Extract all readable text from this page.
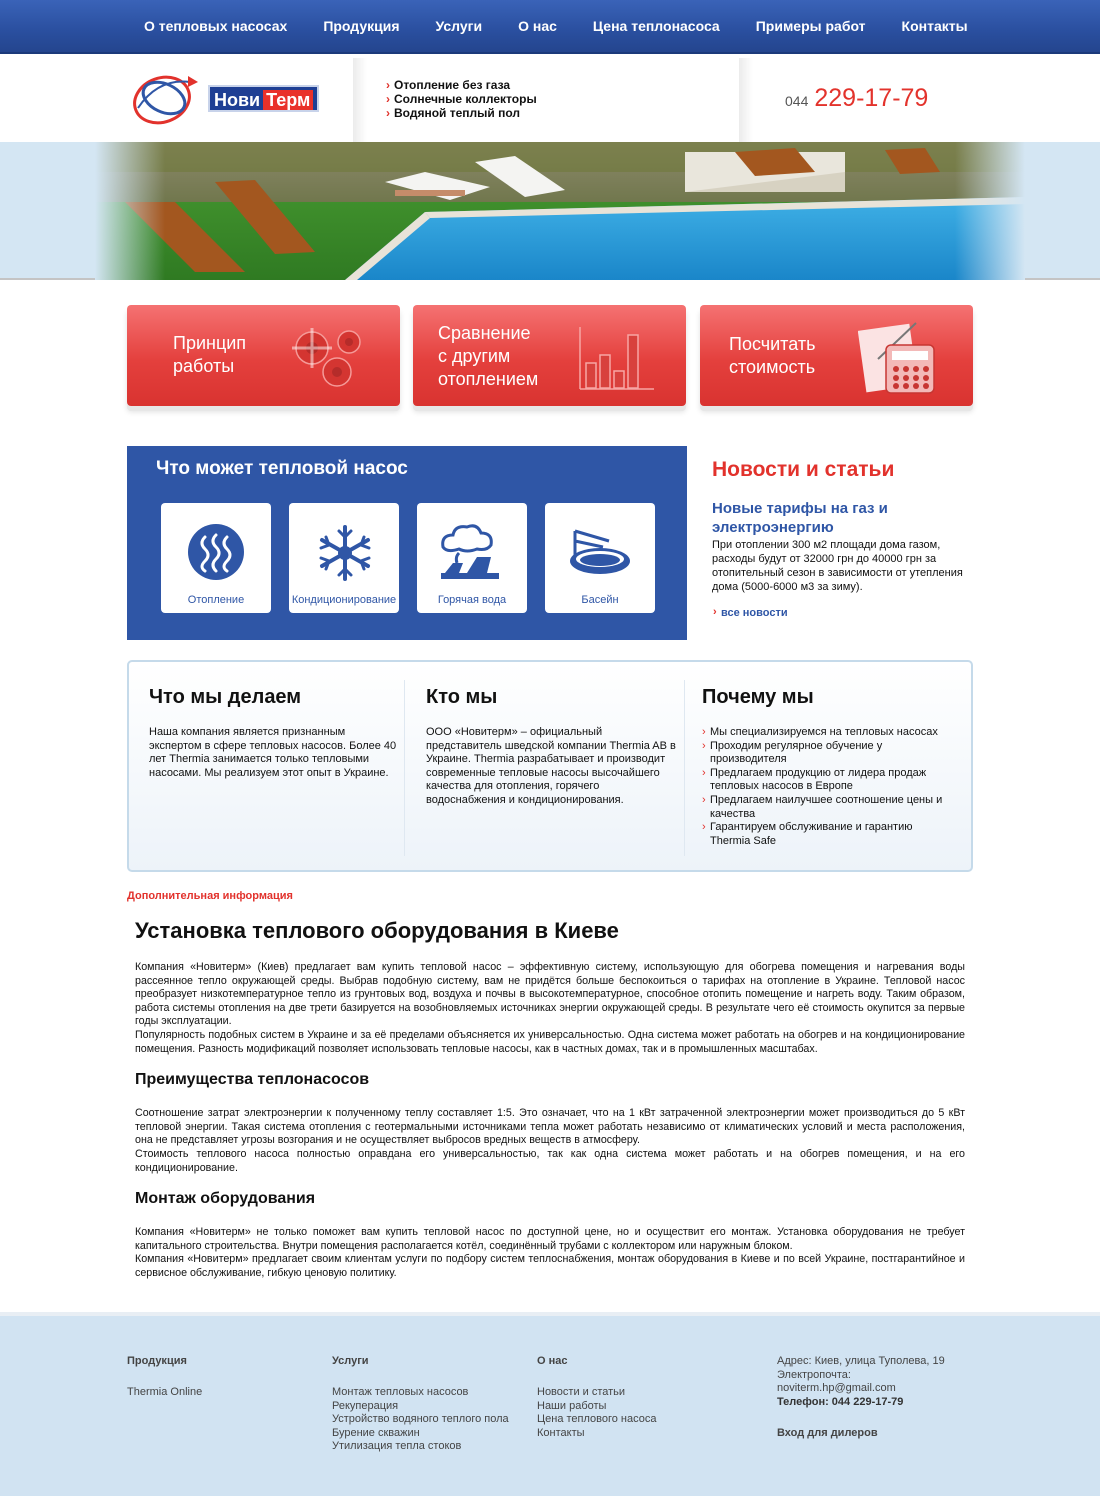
О тепловых насосах	Продукция	Услуги	О нас	Цена теплонасоса	Примеры работ	Контакты
Нови Терм
› Отопление без газа
› Солнечные коллекторы
› Водяной теплый пол
044 229-17-79
Принцип
работы
Сравнение
с другим
отоплением
Посчитать
стоимость
Что может тепловой насос
Отопление	Кондиционирование	Горячая вода	Басейн
Новости и статьи
Новые тарифы на газ и электроэнергию

При отоплении 300 м2 площади дома газом, расходы будут от 32000 грн до 40000 грн за отопительный сезон в зависимости от утепления дома (5000-6000 м3 за зиму).

› все новости
Что мы делаем

Наша компания является признанным экспертом в сфере тепловых насосов. Более 40 лет Thermia занимается только тепловыми насосами. Мы реализуем этот опыт в Украине.

Кто мы

ООО «Новитерм» – официальный представитель шведской компании Thermia AB в Украине. Thermia разрабатывает и производит современные тепловые насосы высочайшего качества для отопления, горячего водоснабжения и кондиционирования.

Почему мы
› Мы специализируемся на тепловых насосах
› Проходим регулярное обучение у производителя
› Предлагаем продукцию от лидера продаж тепловых насосов в Европе
› Предлагаем наилучшее соотношение цены и качества
› Гарантируем обслуживание и гарантию Thermia Safe
Дополнительная информация
Установка теплового оборудования в Киеве

Компания «Новитерм» (Киев) предлагает вам купить тепловой насос – эффективную систему, использующую для обогрева помещения и нагревания воды рассеянное тепло окружающей среды. Выбрав подобную систему, вам не придётся больше беспокоиться о тарифах на отопление в Украине. Тепловой насос преобразует низкотемпературное тепло из грунтовых вод, воздуха и почвы в высокотемпературное, способное отопить помещение и нагреть воду. Таким образом, работа системы отопления на две трети базируется на возобновляемых источниках энергии окружающей среды. В результате чего её стоимость окупится за первые годы эксплуатации.

Популярность подобных систем в Украине и за её пределами объясняется их универсальностью. Одна система может работать на обогрев и на кондиционирование помещения. Разность модификаций позволяет использовать тепловые насосы, как в частных домах, так и в промышленных масштабах.

Преимущества теплонасосов

Соотношение затрат электроэнергии к полученному теплу составляет 1:5. Это означает, что на 1 кВт затраченной электроэнергии может производиться до 5 кВт тепловой энергии. Такая система отопления с геотермальными источниками тепла может работать независимо от климатических условий и места расположения, она не представляет угрозы возгорания и не осуществляет выбросов вредных веществ в атмосферу.

Стоимость теплового насоса полностью оправдана его универсальностью, так как одна система может работать и на обогрев помещения, и на его кондиционирование.

Монтаж оборудования

Компания «Новитерм» не только поможет вам купить тепловой насос по доступной цене, но и осуществит его монтаж. Установка оборудования не требует капитального строительства. Внутри помещения располагается котёл, соединённый трубами с коллектором или наружным блоком.

Компания «Новитерм» предлагает своим клиентам услуги по подбору систем теплоснабжения, монтаж оборудования в Киеве и по всей Украине, постгарантийное и сервисное обслуживание, гибкую ценовую политику.

Продукция
Thermia Online
Услуги
Монтаж тепловых насосов
Рекуперация
Устройство водяного теплого пола
Бурение скважин
Утилизация тепла стоков
О нас
Новости и статьи
Наши работы
Цена теплового насоса
Контакты
Адрес: Киев, улица Туполева, 19
Электропочта:
noviterm.hp@gmail.com
Телефон: 044 229-17-79
Вход для дилеров
